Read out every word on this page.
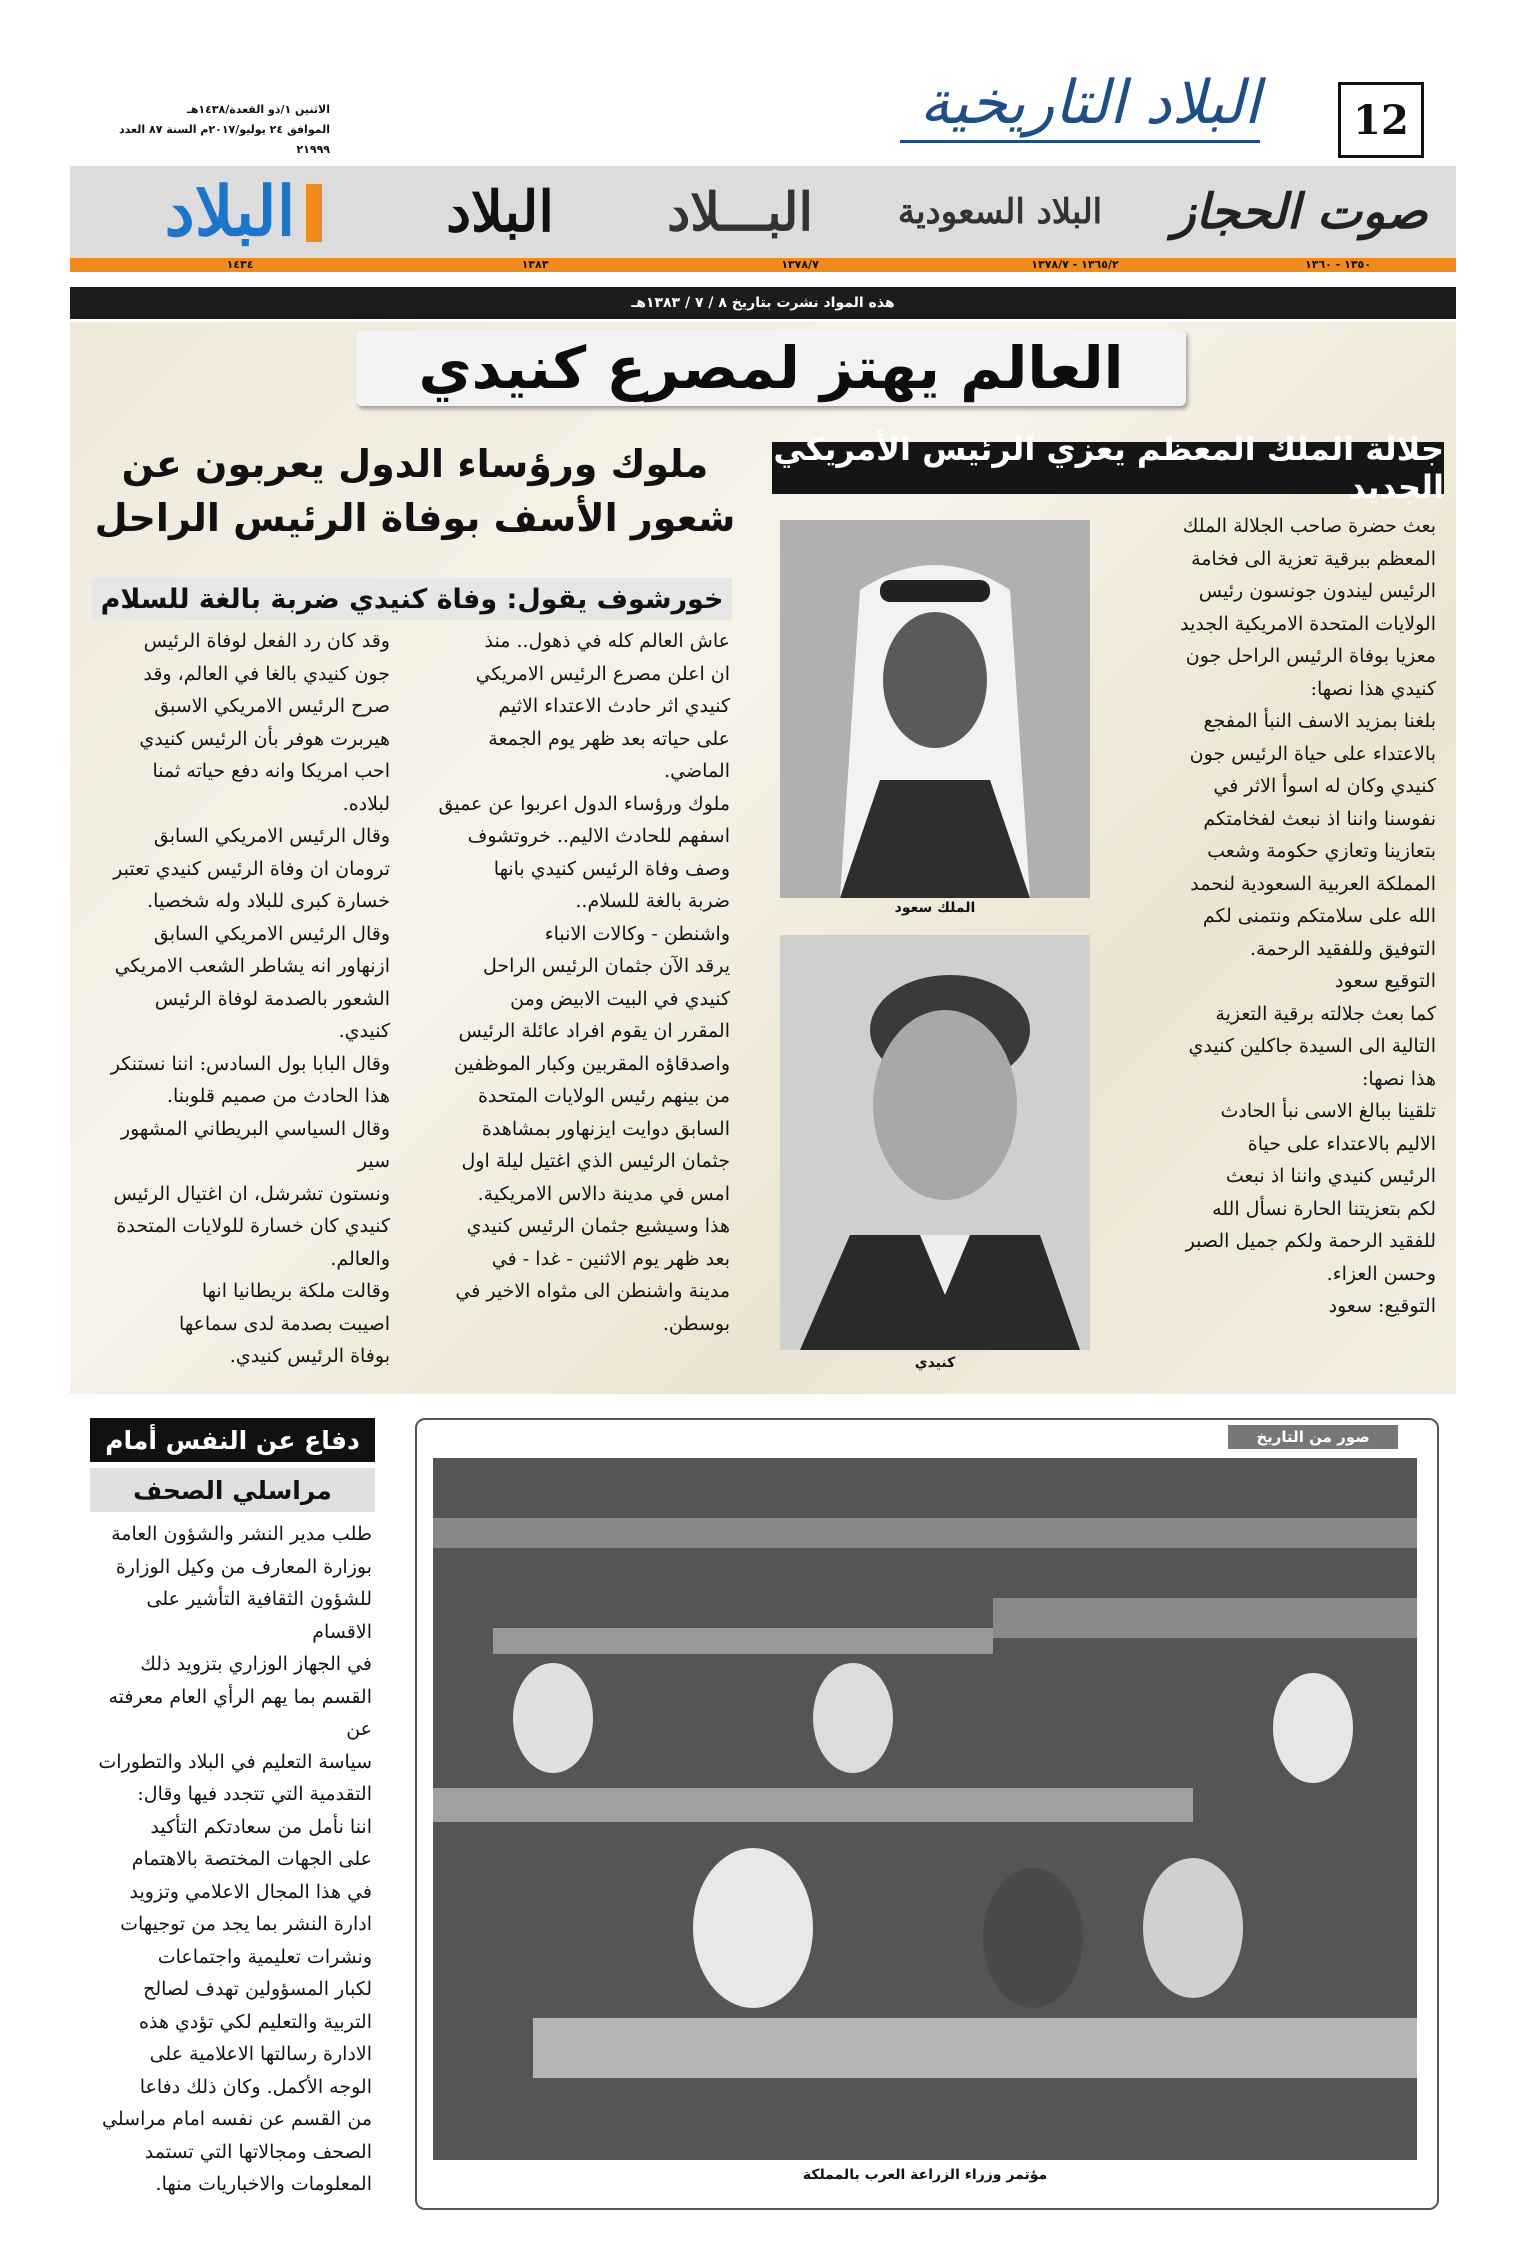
12
البلاد التاريخية
الاثنين ١/ذو القعدة/١٤٣٨هـ
الموافق ٢٤ يوليو/٢٠١٧م السنة ٨٧ العدد ٢١٩٩٩
صوت الحجاز
البلاد السعودية
البـــلاد
البلاد
البلاد
١٣٥٠ - ١٣٦٠
١٣٦٥/٢ - ١٣٧٨/٧
١٣٧٨/٧
١٣٨٣
١٤٣٤
هذه المواد نشرت بتاريخ ٨ / ٧ / ١٣٨٣هـ
العالم يهتز لمصرع كنيدي
جلالة الملك المعظم يعزي الرئيس الأمريكي الجديد
بعث حضرة صاحب الجلالة الملك
المعظم ببرقية تعزية الى فخامة
الرئيس ليندون جونسون رئيس
الولايات المتحدة الامريكية الجديد
معزيا بوفاة الرئيس الراحل جون
كنيدي هذا نصها:
بلغنا بمزيد الاسف النبأ المفجع
بالاعتداء على حياة الرئيس جون
كنيدي وكان له اسوأ الاثر في
نفوسنا واننا اذ نبعث لفخامتكم
بتعازينا وتعازي حكومة وشعب
المملكة العربية السعودية لنحمد
الله على سلامتكم ونتمنى لكم
التوفيق وللفقيد الرحمة.
التوقيع سعود
كما بعث جلالته برقية التعزية
التالية الى السيدة جاكلين كنيدي
هذا نصها:
تلقينا ببالغ الاسى نبأ الحادث
الاليم بالاعتداء على حياة
الرئيس كنيدي واننا اذ نبعث
لكم بتعزيتنا الحارة نسأل الله
للفقيد الرحمة ولكم جميل الصبر
وحسن العزاء.
التوقيع: سعود
الملك سعود
كنيدي
ملوك ورؤساء الدول يعربون عن
شعور الأسف بوفاة الرئيس الراحل
خورشوف يقول: وفاة كنيدي ضربة بالغة للسلام
عاش العالم كله في ذهول.. منذ
ان اعلن مصرع الرئيس الامريكي
كنيدي اثر حادث الاعتداء الاثيم
على حياته بعد ظهر يوم الجمعة
الماضي.
ملوك ورؤساء الدول اعربوا عن عميق
اسفهم للحادث الاليم.. خروتشوف
وصف وفاة الرئيس كنيدي بانها
ضربة بالغة للسلام..
واشنطن - وكالات الانباء
يرقد الآن جثمان الرئيس الراحل
كنيدي في البيت الابيض ومن
المقرر ان يقوم افراد عائلة الرئيس
واصدقاؤه المقربين وكبار الموظفين
من بينهم رئيس الولايات المتحدة
السابق دوايت ايزنهاور بمشاهدة
جثمان الرئيس الذي اغتيل ليلة اول
امس في مدينة دالاس الامريكية.
هذا وسيشيع جثمان الرئيس كنيدي
بعد ظهر يوم الاثنين - غدا - في
مدينة واشنطن الى مثواه الاخير في
بوسطن.
وقد كان رد الفعل لوفاة الرئيس
جون كنيدي بالغا في العالم، وقد
صرح الرئيس الامريكي الاسبق
هيربرت هوفر بأن الرئيس كنيدي
احب امريكا وانه دفع حياته ثمنا
لبلاده.
وقال الرئيس الامريكي السابق
ترومان ان وفاة الرئيس كنيدي تعتبر
خسارة كبرى للبلاد وله شخصيا.
وقال الرئيس الامريكي السابق
ازنهاور انه يشاطر الشعب الامريكي
الشعور بالصدمة لوفاة الرئيس
كنيدي.
وقال البابا بول السادس: اننا نستنكر
هذا الحادث من صميم قلوبنا.
وقال السياسي البريطاني المشهور سير
ونستون تشرشل، ان اغتيال الرئيس
كنيدي كان خسارة للولايات المتحدة
والعالم.
وقالت ملكة بريطانيا انها
اصيبت بصدمة لدى سماعها
بوفاة الرئيس كنيدي.
دفاع عن النفس أمام
مراسلي الصحف
طلب مدير النشر والشؤون العامة
بوزارة المعارف من وكيل الوزارة
للشؤون الثقافية التأشير على الاقسام
في الجهاز الوزاري بتزويد ذلك
القسم بما يهم الرأي العام معرفته عن
سياسة التعليم في البلاد والتطورات
التقدمية التي تتجدد فيها وقال:
اننا نأمل من سعادتكم التأكيد
على الجهات المختصة بالاهتمام
في هذا المجال الاعلامي وتزويد
ادارة النشر بما يجد من توجيهات
ونشرات تعليمية واجتماعات
لكبار المسؤولين تهدف لصالح
التربية والتعليم لكي تؤدي هذه
الادارة رسالتها الاعلامية على
الوجه الأكمل. وكان ذلك دفاعا
من القسم عن نفسه امام مراسلي
الصحف ومجالاتها التي تستمد
المعلومات والاخباريات منها.
صور من التاريخ
مؤتمر وزراء الزراعة العرب بالمملكة
